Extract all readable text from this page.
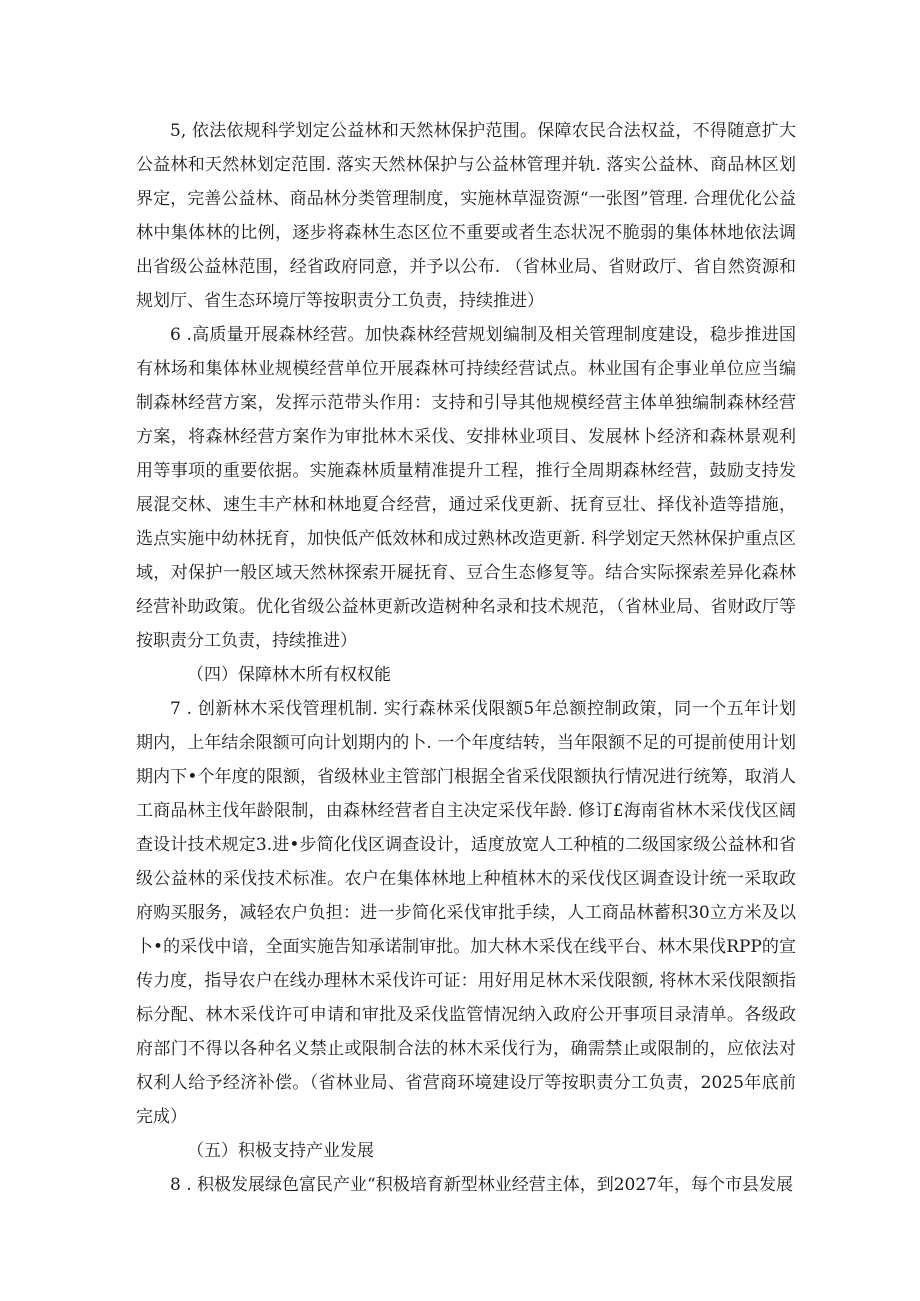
5, 依法依规科学划定公益林和天然林保护范围。保障农民合法权益，不得随意扩大公益林和天然林划定范围. 落实天然林保护与公益林管理并轨. 落实公益林、商品林区划界定，完善公益林、商品林分类管理制度，实施林草湿资源“一张图”管理. 合理优化公益林中集体林的比例，逐步将森林生态区位不重要或者生态状况不脆弱的集体林地依法调出省级公益林范围，经省政府同意，并予以公布. （省林业局、省财政厅、省自然资源和规划厅、省生态环境厅等按职责分工负责，持续推进）

6 .高质量开展森林经营。加快森林经营规划编制及相关管理制度建设，稳步推进国有林场和集体林业规模经营单位开展森林可持续经营试点。林业国有企事业单位应当编制森林经营方案，发挥示范带头作用：支持和引导其他规模经营主体单独编制森林经营方案，将森林经营方案作为审批林木采伐、安排林业项目、发展林卜经济和森林景观利用等事项的重要依据。实施森林质量精准提升工程，推行全周期森林经营，鼓励支持发展混交林、速生丰产林和林地夏合经营，通过采伐更新、抚育豆壮、择伐补造等措施，选点实施中幼林抚育，加快低产低效林和成过熟林改造更新. 科学划定天然林保护重点区域，对保护一般区域天然林探索开屣抚育、豆合生态修复等。结合实际探索差异化森林经营补助政策。优化省级公益林更新改造树种名录和技术规范，（省林业局、省财政厅等按职责分工负责，持续推进）

（四）保障林木所有权权能

7 . 创新林木采伐管理机制. 实行森林采伐限额5年总额控制政策，同一个五年计划期内，上年结余限额可向计划期内的卜. 一个年度结转，当年限额不足的可提前使用计划期内下•个年度的限额，省级林业主管部门根据全省采伐限额执行情况进行统筹，取消人工商品林主伐年龄限制，由森林经营者自主决定采伐年龄. 修订£海南省林木采伐伐区阔查设计技术规定3.进•步简化伐区调查设计，适度放宽人工种植的二级国家级公益林和省级公益林的采伐技术标准。农户在集体林地上种植林木的采伐伐区调查设计统一采取政府购买服务，减轻农户负担：进一步简化采伐审批手续，人工商品林蓄积30立方米及以卜•的采伐中谙，全面实施告知承诺制审批。加大林木采伐在线平台、林木果伐RPP的宣传力度，指导农户在线办理林木采伐许可证：用好用足林木采伐限额, 将林木采伐限额指标分配、林木采伐许可申请和审批及采伐监管情况纳入政府公开事项目录清单。各级政府部门不得以各种名义禁止或限制合法的林木采伐行为，确需禁止或限制的，应依法对权利人给予经济补偿。（省林业局、省营商环境建设厅等按职责分工负责，2025年底前完成）

（五）积极支持产业发展

8 . 积极发展绿色富民产业“积极培育新型林业经营主体，到2027年，每个市县发展
